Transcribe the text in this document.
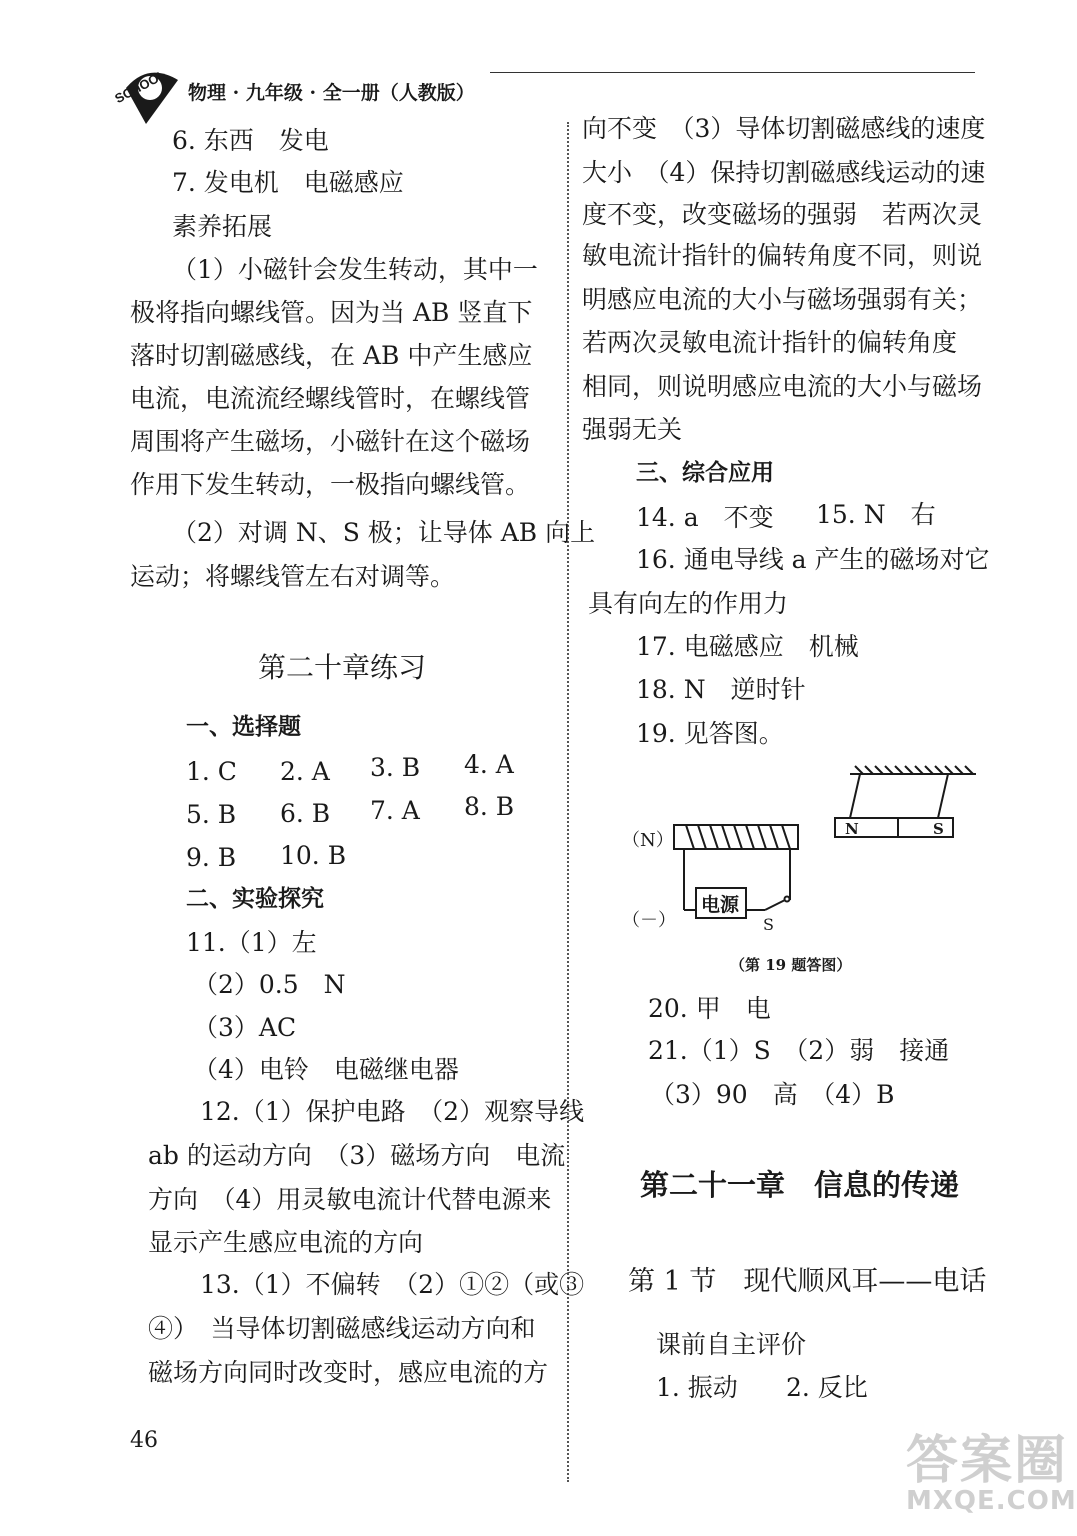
SCHOOL 物理 · 九年级 · 全一册（人教版）
6. 东西　发电
7. 发电机　电磁感应
素养拓展
（1）小磁针会发生转动，其中一
极将指向螺线管。因为当 AB 竖直下
落时切割磁感线，在 AB 中产生感应
电流，电流流经螺线管时，在螺线管
周围将产生磁场，小磁针在这个磁场
作用下发生转动，一极指向螺线管。
（2）对调 N、S 极；让导体 AB 向上
运动；将螺线管左右对调等。
第二十章练习
一、选择题
1. C 2. A 3. B 4. A
5. B 6. B 7. A 8. B
9. B 10. B
二、实验探究
11.（1）左
（2）0.5　N
（3）AC
（4）电铃　电磁继电器
12.（1）保护电路　（2）观察导线
ab 的运动方向　（3）磁场方向　电流
方向　（4）用灵敏电流计代替电源来
显示产生感应电流的方向
13.（1）不偏转　（2）①②（或③
④）　当导体切割磁感线运动方向和
磁场方向同时改变时，感应电流的方
46
向不变　（3）导体切割磁感线的速度
大小　（4）保持切割磁感线运动的速
度不变，改变磁场的强弱　若两次灵
敏电流计指针的偏转角度不同，则说
明感应电流的大小与磁场强弱有关；
若两次灵敏电流计指针的偏转角度
相同，则说明感应电流的大小与磁场
强弱无关
三、综合应用
14. a　不变 15. N　右
16. 通电导线 a 产生的磁场对它
具有向左的作用力
17. 电磁感应　机械
18. N　逆时针
19. 见答图。
（N）
（－）
电源
S
N	S
（第 19 题答图）
20. 甲　电
21.（1）S　（2）弱　接通
（3）90　高　（4）B
第二十一章　信息的传递
第 1 节　现代顺风耳——电话
课前自主评价
1. 振动 2. 反比
答案圈
MXQE.COM
